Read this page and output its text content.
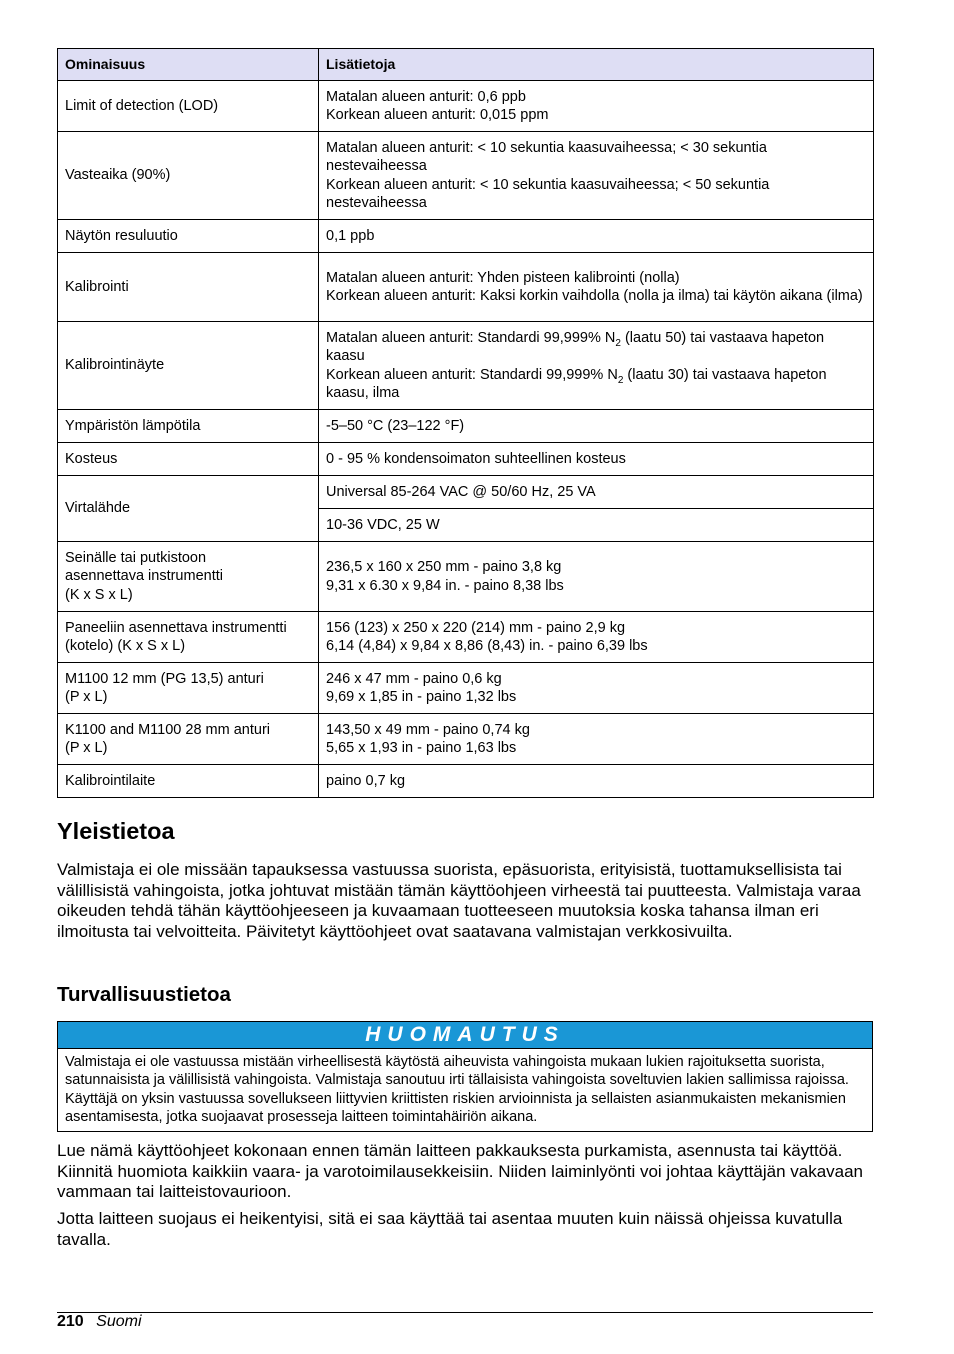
Ominaisuus	Lisätietoja
Limit of detection (LOD)	Matalan alueen anturit: 0,6 ppb
Korkean alueen anturit: 0,015 ppm

Vasteaika (90%)	Matalan alueen anturit: < 10 sekuntia kaasuvaiheessa; < 30 sekuntia nestevaiheessa
Korkean alueen anturit: < 10 sekuntia kaasuvaiheessa; < 50 sekuntia nestevaiheessa

Näytön resuluutio	0,1 ppb

Kalibrointi	Matalan alueen anturit: Yhden pisteen kalibrointi (nolla)
Korkean alueen anturit: Kaksi korkin vaihdolla (nolla ja ilma) tai käytön aikana (ilma)

Kalibrointinäyte	Matalan alueen anturit: Standardi 99,999% $N_2$ (laatu 50) tai vastaava hapeton kaasu
Korkean alueen anturit: Standardi 99,999% $N_2$ (laatu 30) tai vastaava hapeton kaasu, ilma

Ympäristön lämpötila	-5–50 °C (23–122 °F)

Kosteus	0 - 95 % kondensoimaton suhteellinen kosteus

Virtalähde	Universal 85-264 VAC @ 50/60 Hz, 25 VA

	10-36 VDC, 25 W
Seinälle tai putkistoon
asennettava instrumentti
(K x S x L)	236,5 x 160 x 250 mm - paino 3,8 kg
9,31 x 6.30 x 9,84 in. - paino 8,38 lbs

Paneeliin asennettava instrumentti (kotelo) (K x S x L)	156 (123) x 250 x 220 (214) mm - paino 2,9 kg
6,14 (4,84) x 9,84 x 8,86 (8,43) in. - paino 6,39 lbs

M1100 12 mm (PG 13,5) anturi
(P x L)	246 x 47 mm - paino 0,6 kg
9,69 x 1,85 in - paino 1,32 lbs

K1100 and M1100 28 mm anturi
(P x L)	143,50 x 49 mm - paino 0,74 kg
5,65 x 1,93 in - paino 1,63 lbs

Kalibrointilaite	paino 0,7 kg
Yleistietoa

Valmistaja ei ole missään tapauksessa vastuussa suorista, epäsuorista, erityisistä, tuottamuksellisista tai välillisistä vahingoista, jotka johtuvat mistään tämän käyttöohjeen virheestä tai puutteesta. Valmistaja varaa oikeuden tehdä tähän käyttöohjeeseen ja kuvaamaan tuotteeseen muutoksia koska tahansa ilman eri ilmoitusta tai velvoitteita. Päivitetyt käyttöohjeet ovat saatavana valmistajan verkkosivuilta.

Turvallisuustietoa
HUOMAUTUS
Valmistaja ei ole vastuussa mistään virheellisestä käytöstä aiheuvista vahingoista mukaan lukien rajoituksetta suorista, satunnaisista ja välillisistä vahingoista. Valmistaja sanoutuu irti tällaisista vahingoista soveltuvien lakien sallimissa rajoissa. Käyttäjä on yksin vastuussa sovellukseen liittyvien kriittisten riskien arvioinnista ja sellaisten asianmukaisten mekanismien asentamisesta, jotka suojaavat prosesseja laitteen toimintahäiriön aikana.

Lue nämä käyttöohjeet kokonaan ennen tämän laitteen pakkauksesta purkamista, asennusta tai käyttöä. Kiinnitä huomiota kaikkiin vaara- ja varotoimilausekkeisiin. Niiden laiminlyönti voi johtaa käyttäjän vakavaan vammaan tai laitteistovaurioon.

Jotta laitteen suojaus ei heikentyisi, sitä ei saa käyttää tai asentaa muuten kuin näissä ohjeissa kuvatulla tavalla.

210 Suomi
